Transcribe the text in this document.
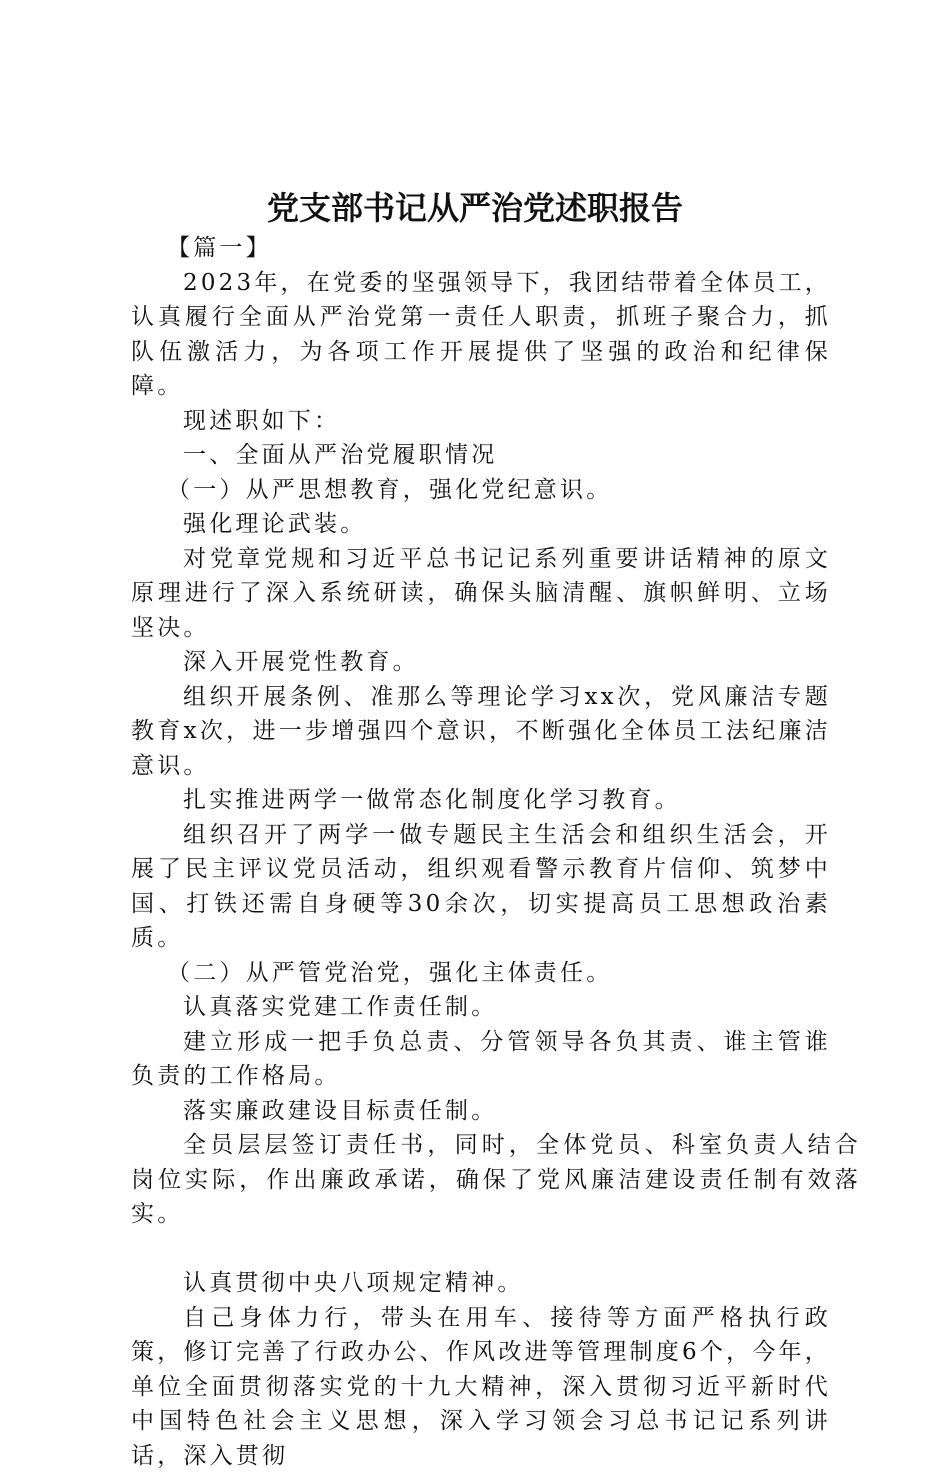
党支部书记从严治党述职报告

【篇一】

2023年，在党委的坚强领导下，我团结带着全体员工，认真履行全面从严治党第一责任人职责，抓班子聚合力，抓队伍激活力，为各项工作开展提供了坚强的政治和纪律保障。

现述职如下：

一、全面从严治党履职情况

（一）从严思想教育，强化党纪意识。

强化理论武装。

对党章党规和习近平总书记记系列重要讲话精神的原文原理进行了深入系统研读，确保头脑清醒、旗帜鲜明、立场坚决。

深入开展党性教育。

组织开展条例、准那么等理论学习xx次，党风廉洁专题教育x次，进一步增强四个意识，不断强化全体员工法纪廉洁意识。

扎实推进两学一做常态化制度化学习教育。

组织召开了两学一做专题民主生活会和组织生活会，开展了民主评议党员活动，组织观看警示教育片信仰、筑梦中国、打铁还需自身硬等30余次，切实提高员工思想政治素质。

（二）从严管党治党，强化主体责任。

认真落实党建工作责任制。

建立形成一把手负总责、分管领导各负其责、谁主管谁负责的工作格局。

落实廉政建设目标责任制。

全员层层签订责任书，同时，全体党员、科室负责人结合岗位实际，作出廉政承诺，确保了党风廉洁建设责任制有效落实。

认真贯彻中央八项规定精神。

自己身体力行，带头在用车、接待等方面严格执行政策，修订完善了行政办公、作风改进等管理制度6个，今年，单位全面贯彻落实党的十九大精神，深入贯彻习近平新时代中国特色社会主义思想，深入学习领会习总书记记系列讲话，深入贯彻
